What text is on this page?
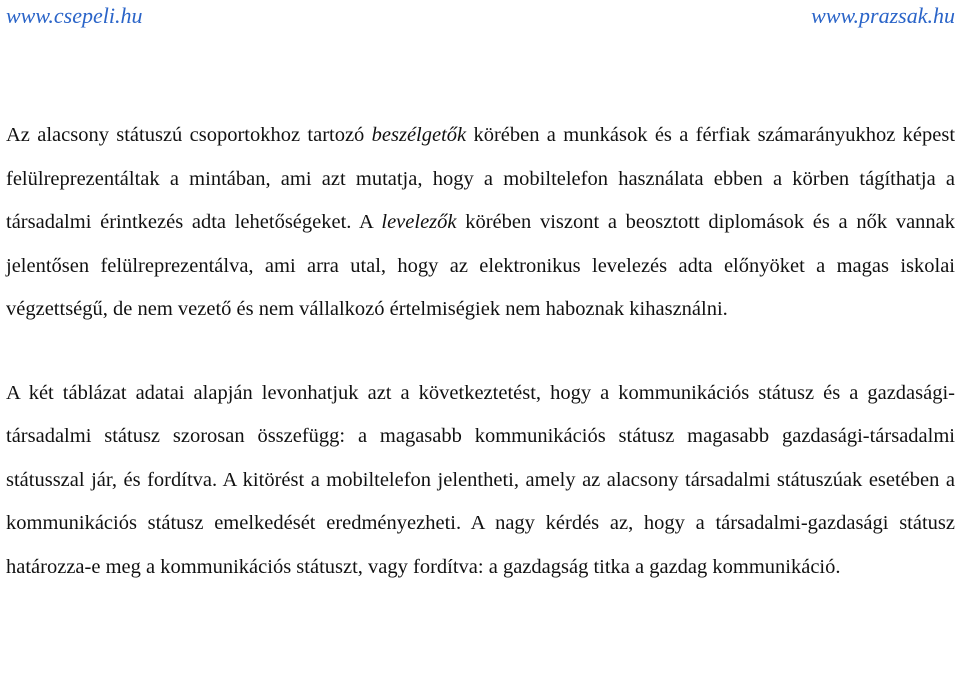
www.csepeli.hu	www.prazsak.hu

Az alacsony státuszú csoportokhoz tartozó beszélgetők körében a munkások és a férfiak számarányukhoz képest felülreprezentáltak a mintában, ami azt mutatja, hogy a mobiltelefon használata ebben a körben tágíthatja a társadalmi érintkezés adta lehetőségeket. A levelezők körében viszont a beosztott diplomások és a nők vannak jelentősen felülreprezentálva, ami arra utal, hogy az elektronikus levelezés adta előnyöket a magas iskolai végzettségű, de nem vezető és nem vállalkozó értelmiségiek nem haboznak kihasználni.

A két táblázat adatai alapján levonhatjuk azt a következtetést, hogy a kommunikációs státusz és a gazdasági-társadalmi státusz szorosan összefügg: a magasabb kommunikációs státusz magasabb gazdasági-társadalmi státusszal jár, és fordítva. A kitörést a mobiltelefon jelentheti, amely az alacsony társadalmi státuszúak esetében a kommunikációs státusz emelkedését eredményezheti. A nagy kérdés az, hogy a társadalmi-gazdasági státusz határozza-e meg a kommunikációs státuszt, vagy fordítva: a gazdagság titka a gazdag kommunikáció.
